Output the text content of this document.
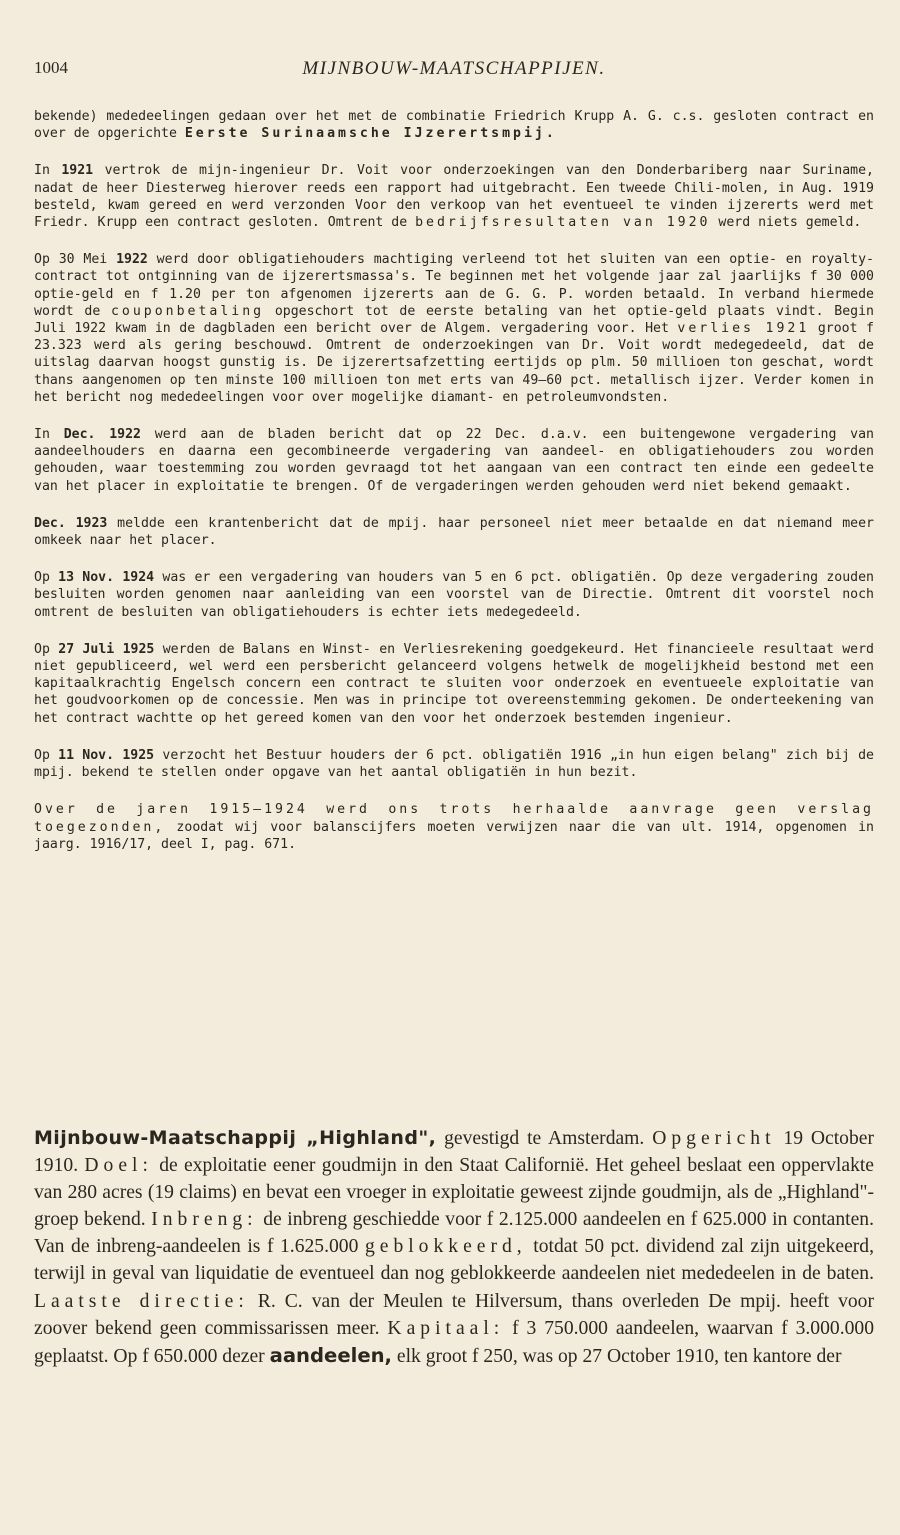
1004	MIJNBOUW-MAATSCHAPPIJEN.

bekende) mededeelingen gedaan over het met de combinatie Friedrich Krupp A. G. c.s. gesloten contract en over de opgerichte Eerste Surinaamsche IJzerertsmpij.

In 1921 vertrok de mijn-ingenieur Dr. Voit voor onderzoekingen van den Donderbariberg naar Suriname, nadat de heer Diesterweg hierover reeds een rapport had uitgebracht. Een tweede Chili-molen, in Aug. 1919 besteld, kwam gereed en werd verzonden Voor den verkoop van het eventueel te vinden ijzererts werd met Friedr. Krupp een contract gesloten. Omtrent de bedrijfsresultaten van 1920 werd niets gemeld.

Op 30 Mei 1922 werd door obligatiehouders machtiging verleend tot het sluiten van een optie- en royalty-contract tot ontginning van de ijzerertsmassa's. Te beginnen met het volgende jaar zal jaarlijks f 30 000 optie-geld en f 1.20 per ton afgenomen ijzererts aan de G. G. P. worden betaald. In verband hiermede wordt de couponbetaling opgeschort tot de eerste betaling van het optie-geld plaats vindt. Begin Juli 1922 kwam in de dagbladen een bericht over de Algem. vergadering voor. Het verlies 1921 groot f 23.323 werd als gering beschouwd. Omtrent de onderzoekingen van Dr. Voit wordt medegedeeld, dat de uitslag daarvan hoogst gunstig is. De ijzerertsafzetting eertijds op plm. 50 millioen ton geschat, wordt thans aangenomen op ten minste 100 millioen ton met erts van 49—60 pct. metallisch ijzer. Verder komen in het bericht nog mededeelingen voor over mogelijke diamant- en petroleumvondsten.

In Dec. 1922 werd aan de bladen bericht dat op 22 Dec. d.a.v. een buitengewone vergadering van aandeelhouders en daarna een gecombineerde vergadering van aandeel- en obligatiehouders zou worden gehouden, waar toestemming zou worden gevraagd tot het aangaan van een contract ten einde een gedeelte van het placer in exploitatie te brengen. Of de vergaderingen werden gehouden werd niet bekend gemaakt.

Dec. 1923 meldde een krantenbericht dat de mpij. haar personeel niet meer betaalde en dat niemand meer omkeek naar het placer.

Op 13 Nov. 1924 was er een vergadering van houders van 5 en 6 pct. obligatiën. Op deze vergadering zouden besluiten worden genomen naar aanleiding van een voorstel van de Directie. Omtrent dit voorstel noch omtrent de besluiten van obligatiehouders is echter iets medegedeeld.

Op 27 Juli 1925 werden de Balans en Winst- en Verliesrekening goedgekeurd. Het financieele resultaat werd niet gepubliceerd, wel werd een persbericht gelanceerd volgens hetwelk de mogelijkheid bestond met een kapitaalkrachtig Engelsch concern een contract te sluiten voor onderzoek en eventueele exploitatie van het goudvoorkomen op de concessie. Men was in principe tot overeenstemming gekomen. De onderteekening van het contract wachtte op het gereed komen van den voor het onderzoek bestemden ingenieur.

Op 11 Nov. 1925 verzocht het Bestuur houders der 6 pct. obligatiën 1916 „in hun eigen belang" zich bij de mpij. bekend te stellen onder opgave van het aantal obligatiën in hun bezit.

Over de jaren 1915—1924 werd ons trots herhaalde aanvrage geen verslag toegezonden, zoodat wij voor balanscijfers moeten verwijzen naar die van ult. 1914, opgenomen in jaarg. 1916/17, deel I, pag. 671.

Mijnbouw-Maatschappij „Highland", gevestigd te Amsterdam. Opgericht 19 October 1910. Doel: de exploitatie eener goudmijn in den Staat Californië. Het geheel beslaat een oppervlakte van 280 acres (19 claims) en bevat een vroeger in exploitatie geweest zijnde goudmijn, als de „Highland"-groep bekend. Inbreng: de inbreng geschiedde voor f 2.125.000 aandeelen en f 625.000 in contanten. Van de inbreng-aandeelen is f 1.625.000 geblokkeerd, totdat 50 pct. dividend zal zijn uitgekeerd, terwijl in geval van liquidatie de eventueel dan nog geblokkeerde aandeelen niet mededeelen in de baten. Laatste directie: R. C. van der Meulen te Hilversum, thans overleden De mpij. heeft voor zoover bekend geen commissarissen meer. Kapitaal: f 3 750.000 aandeelen, waarvan f 3.000.000 geplaatst. Op f 650.000 dezer aandeelen, elk groot f 250, was op 27 October 1910, ten kantore der
